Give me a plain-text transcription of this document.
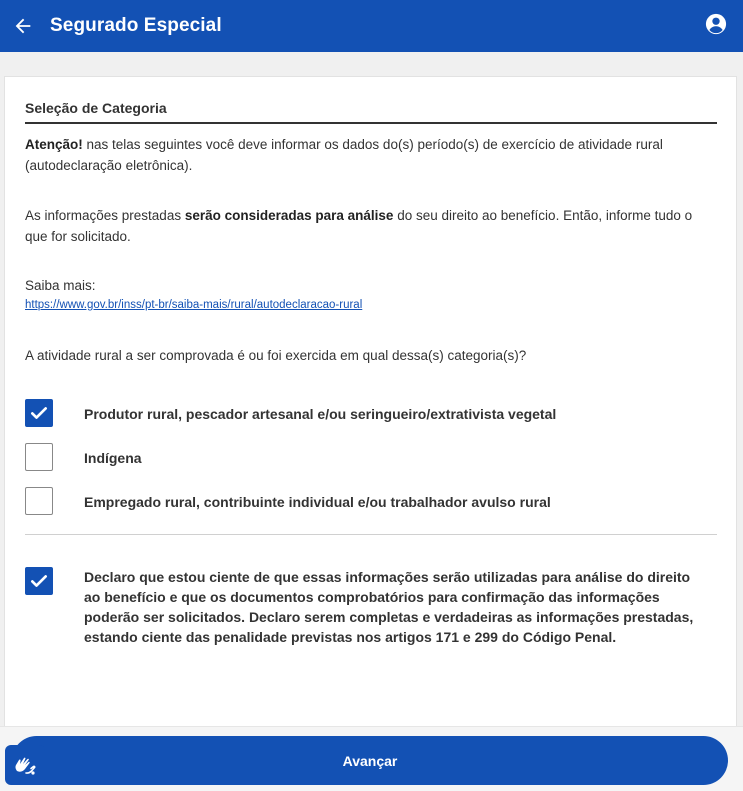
Segurado Especial
Seleção de Categoria

Atenção! nas telas seguintes você deve informar os dados do(s) período(s) de exercício de atividade rural (autodeclaração eletrônica).

As informações prestadas serão consideradas para análise do seu direito ao benefício. Então, informe tudo o que for solicitado.

Saiba mais:

https://www.gov.br/inss/pt-br/saiba-mais/rural/autodeclaracao-rural

A atividade rural a ser comprovada é ou foi exercida em qual dessa(s) categoria(s)?

Produtor rural, pescador artesanal e/ou seringueiro/extrativista vegetal
Indígena
Empregado rural, contribuinte individual e/ou trabalhador avulso rural

Declaro que estou ciente de que essas informações serão utilizadas para análise do direito ao benefício e que os documentos comprobatórios para confirmação das informações poderão ser solicitados. Declaro serem completas e verdadeiras as informações prestadas, estando ciente das penalidade previstas nos artigos 171 e 299 do Código Penal.

Avançar
